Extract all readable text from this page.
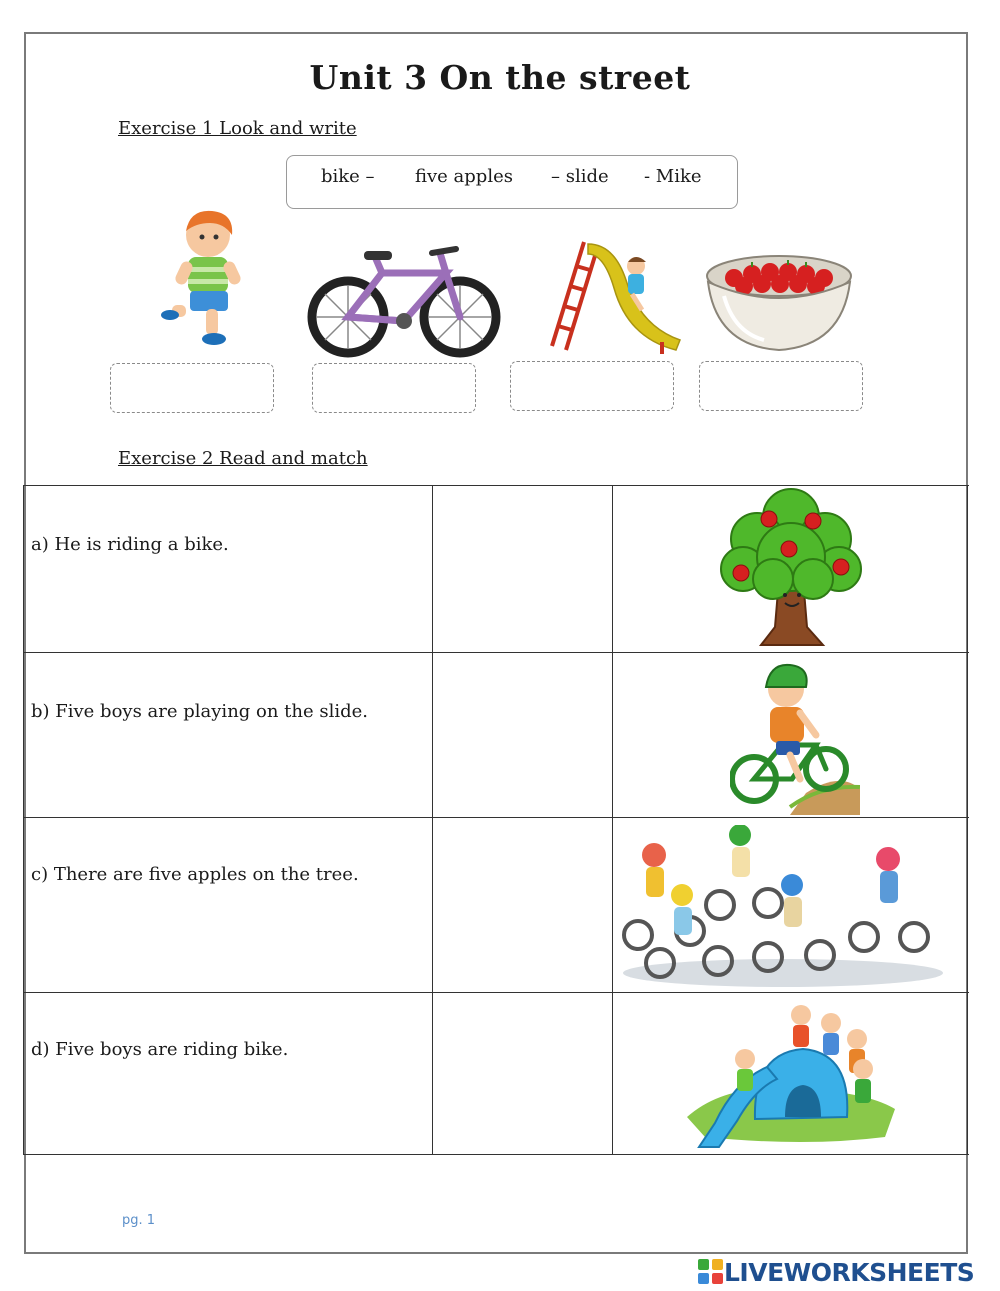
Unit 3 On the street
Exercise 1 Look and write
bike – five apples – slide - Mike
Exercise 2 Read and match
a) He is riding a bike.
b) Five boys are playing on the slide.
c) There are five apples on the tree.
d) Five boys are riding bike.
pg. 1
LIVEWORKSHEETS
